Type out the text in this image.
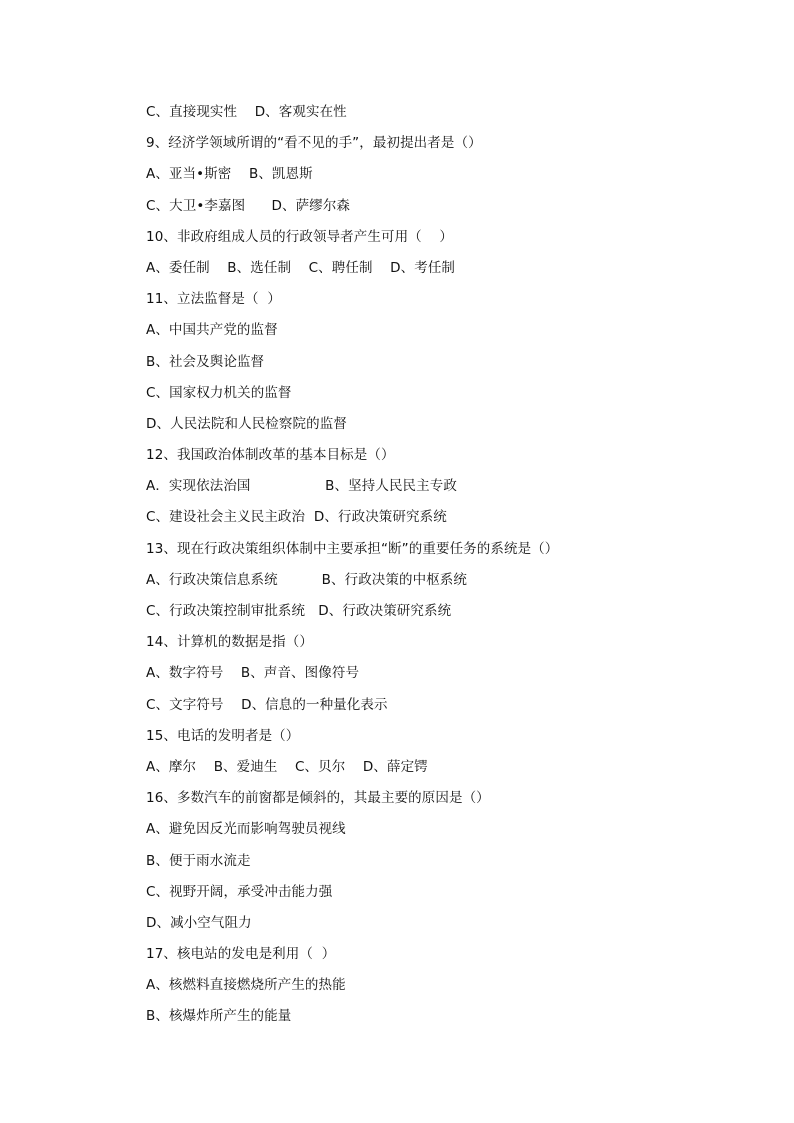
C、直接现实性    D、客观实在性
9、经济学领域所谓的“看不见的手”，最初提出者是（）
A、亚当•斯密    B、凯恩斯
C、大卫•李嘉图      D、萨缪尔森
10、非政府组成人员的行政领导者产生可用（    ）
A、委任制    B、选任制    C、聘任制    D、考任制
11、立法监督是（  ）
A、中国共产党的监督
B、社会及舆论监督
C、国家权力机关的监督
D、人民法院和人民检察院的监督
12、我国政治体制改革的基本目标是（）
A．实现依法治国                 B、坚持人民民主专政
C、建设社会主义民主政治  D、行政决策研究系统
13、现在行政决策组织体制中主要承担“断”的重要任务的系统是（）
A、行政决策信息系统          B、行政决策的中枢系统
C、行政决策控制审批系统   D、行政决策研究系统
14、计算机的数据是指（）
A、数字符号    B、声音、图像符号
C、文字符号    D、信息的一种量化表示
15、电话的发明者是（）
A、摩尔    B、爱迪生    C、贝尔    D、薛定锷
16、多数汽车的前窗都是倾斜的，其最主要的原因是（）
A、避免因反光而影响驾驶员视线
B、便于雨水流走
C、视野开阔，承受冲击能力强
D、减小空气阻力
17、核电站的发电是利用（  ）
A、核燃料直接燃烧所产生的热能
B、核爆炸所产生的能量
